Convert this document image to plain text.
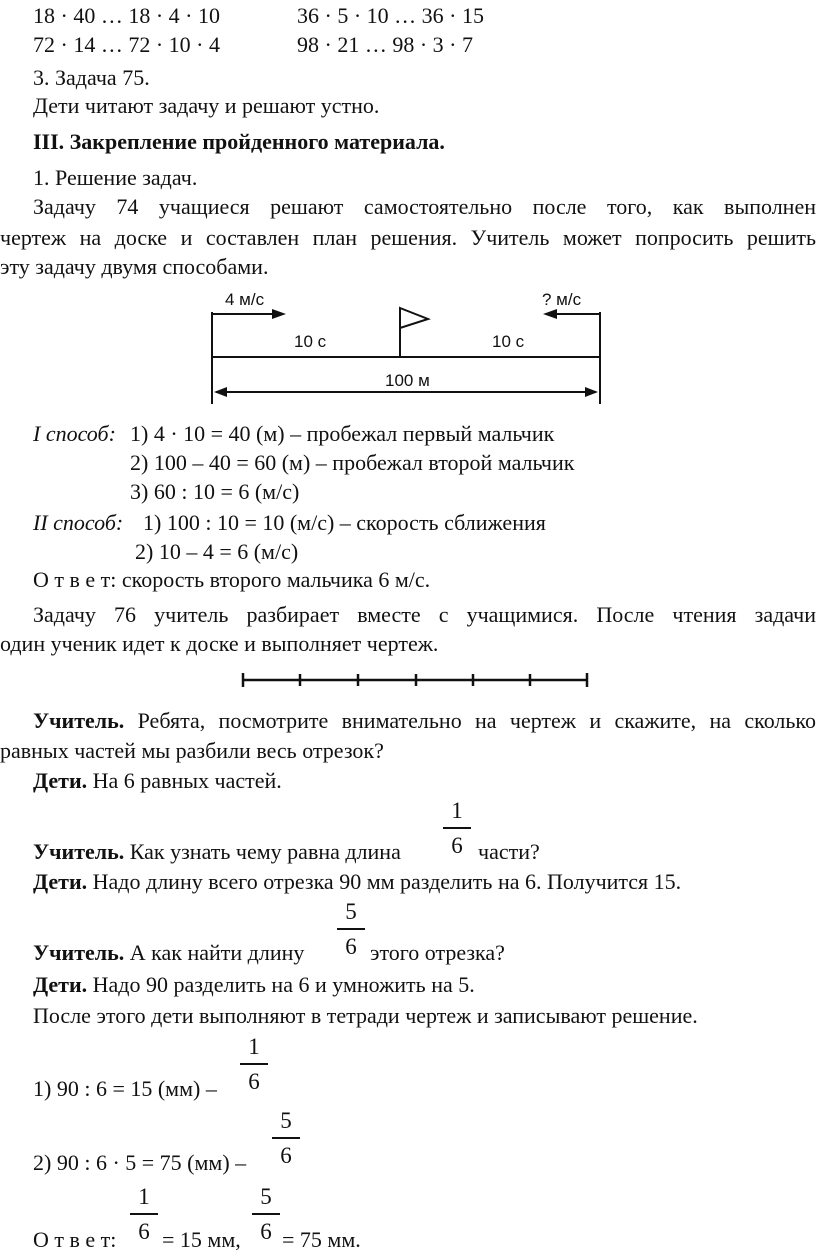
18 · 40 … 18 · 4 · 10	36 · 5 · 10 … 36 · 15
72 · 14 … 72 · 10 · 4	98 · 21 … 98 · 3 · 7
3. Задача 75.
Дети читают задачу и решают устно.
III. Закрепление пройденного материала.
1. Решение задач.
Задачу 74 учащиеся решают самостоятельно после того, как выполнен
чертеж на доске и составлен план решения. Учитель может попросить решить
эту задачу двумя способами.
4 м/с	? м/с
10 с	10 с
100 м
I способ: 1) 4 · 10 = 40 (м) – пробежал первый мальчик
2) 100 – 40 = 60 (м) – пробежал второй мальчик
3) 60 : 10 = 6 (м/с)
II способ: 1) 100 : 10 = 10 (м/с) – скорость сближения
2) 10 – 4 = 6 (м/с)
О т в е т: скорость второго мальчика 6 м/с.
Задачу 76 учитель разбирает вместе с учащимися. После чтения задачи
один ученик идет к доске и выполняет чертеж.
Учитель. Ребята, посмотрите внимательно на чертеж и скажите, на сколько
равных частей мы разбили весь отрезок?
Дети. На 6 равных частей.
Учитель. Как узнать чему равна длина
1
6 части?
Дети. Надо длину всего отрезка 90 мм разделить на 6. Получится 15.
Учитель. А как найти длину
5
6 этого отрезка?
Дети. Надо 90 разделить на 6 и умножить на 5.
После этого дети выполняют в тетради чертеж и записывают решение.
1) 90 : 6 = 15 (мм) –
1
6
2) 90 : 6 · 5 = 75 (мм) –
5
6
О т в е т:
1
6 = 15 мм,
5
6 = 75 мм.
